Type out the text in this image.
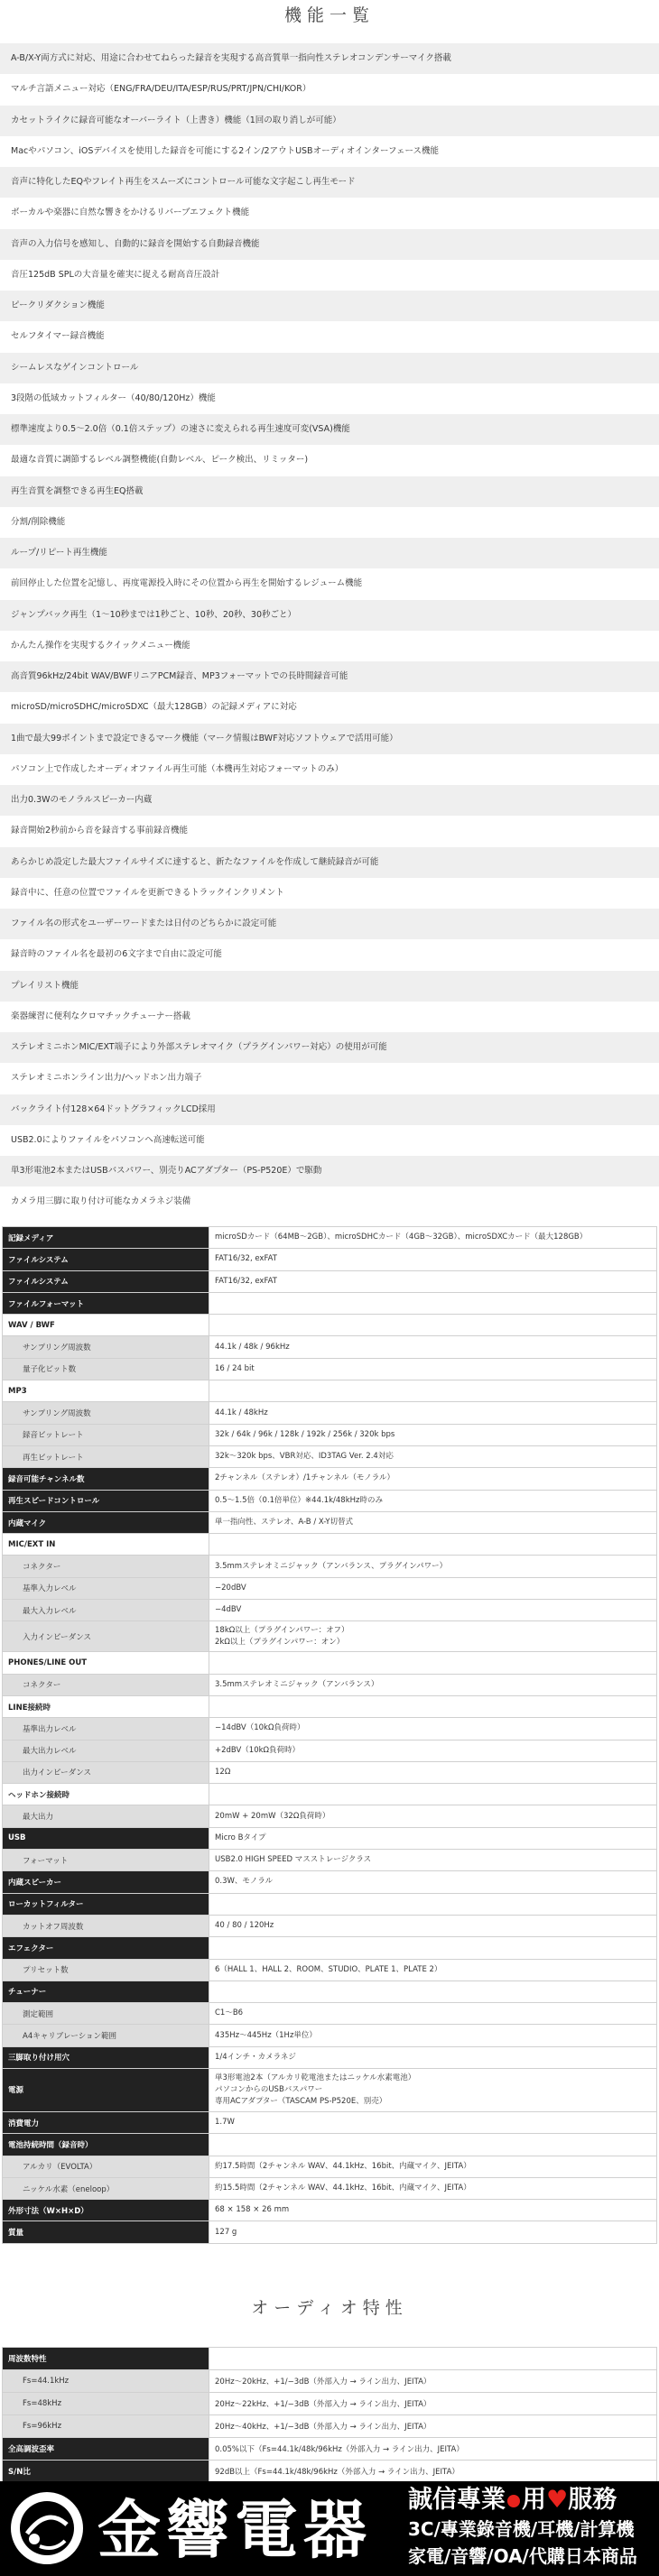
機能一覧
A-B/X-Y両方式に対応、用途に合わせてねらった録音を実現する高音質単一指向性ステレオコンデンサーマイク搭載
マルチ言語メニュー対応（ENG/FRA/DEU/ITA/ESP/RUS/PRT/JPN/CHI/KOR）
カセットライクに録音可能なオーバーライト（上書き）機能（1回の取り消しが可能）
Macやパソコン、iOSデバイスを使用した録音を可能にする2イン/2アウトUSBオーディオインターフェース機能
音声に特化したEQやフレイト再生をスムーズにコントロール可能な文字起こし再生モード
ボーカルや楽器に自然な響きをかけるリバーブエフェクト機能
音声の入力信号を感知し、自動的に録音を開始する自動録音機能
音圧125dB SPLの大音量を確実に捉える耐高音圧設計
ピークリダクション機能
セルフタイマー録音機能
シームレスなゲインコントロール
3段階の低域カットフィルター（40/80/120Hz）機能
標準速度より0.5〜2.0倍（0.1倍ステップ）の速さに変えられる再生速度可変(VSA)機能
最適な音質に調節するレベル調整機能(自動レベル、ピーク検出、リミッター)
再生音質を調整できる再生EQ搭載
分割/削除機能
ループ/リピート再生機能
前回停止した位置を記憶し、再度電源投入時にその位置から再生を開始するレジューム機能
ジャンプバック再生（1〜10秒までは1秒ごと、10秒、20秒、30秒ごと）
かんたん操作を実現するクイックメニュー機能
高音質96kHz/24bit WAV/BWFリニアPCM録音、MP3フォーマットでの長時間録音可能
microSD/microSDHC/microSDXC（最大128GB）の記録メディアに対応
1曲で最大99ポイントまで設定できるマーク機能（マーク情報はBWF対応ソフトウェアで活用可能）
パソコン上で作成したオーディオファイル再生可能（本機再生対応フォーマットのみ）
出力0.3Wのモノラルスピーカー内蔵
録音開始2秒前から音を録音する事前録音機能
あらかじめ設定した最大ファイルサイズに達すると、新たなファイルを作成して継続録音が可能
録音中に、任意の位置でファイルを更新できるトラックインクリメント
ファイル名の形式をユーザーワードまたは日付のどちらかに設定可能
録音時のファイル名を最初の6文字まで自由に設定可能
プレイリスト機能
楽器練習に便利なクロマチックチューナー搭載
ステレオミニホンMIC/EXT端子により外部ステレオマイク（プラグインパワー対応）の使用が可能
ステレオミニホンライン出力/ヘッドホン出力端子
バックライト付128×64ドットグラフィックLCD採用
USB2.0によりファイルをパソコンへ高速転送可能
単3形電池2本またはUSBバスパワー、別売りACアダプター（PS-P520E）で駆動
カメラ用三脚に取り付け可能なカメラネジ装備
記録メディア	microSDカード（64MB〜2GB）、microSDHCカード（4GB〜32GB）、microSDXCカード（最大128GB）
ファイルシステム	FAT16/32, exFAT
ファイルシステム	FAT16/32, exFAT
ファイルフォーマット	
WAV / BWF	
サンプリング周波数	44.1k / 48k / 96kHz
量子化ビット数	16 / 24 bit
MP3	
サンプリング周波数	44.1k / 48kHz
録音ビットレート	32k / 64k / 96k / 128k / 192k / 256k / 320k bps
再生ビットレート	32k〜320k bps、VBR対応、ID3TAG Ver. 2.4対応
録音可能チャンネル数	2チャンネル（ステレオ）/1チャンネル（モノラル）
再生スピードコントロール	0.5〜1.5倍（0.1倍単位）※44.1k/48kHz時のみ
内蔵マイク	単一指向性、ステレオ、A-B / X-Y切替式
MIC/EXT IN	
コネクター	3.5mmステレオミニジャック（アンバランス、プラグインパワー）
基準入力レベル	−20dBV
最大入力レベル	−4dBV
入力インピーダンス	18kΩ以上（プラグインパワー：オフ）
2kΩ以上（プラグインパワー：オン）
PHONES/LINE OUT	
コネクター	3.5mmステレオミニジャック（アンバランス）
LINE接続時	
基準出力レベル	−14dBV（10kΩ負荷時）
最大出力レベル	+2dBV（10kΩ負荷時）
出力インピーダンス	12Ω
ヘッドホン接続時	
最大出力	20mW + 20mW（32Ω負荷時）
USB	Micro Bタイプ
フォーマット	USB2.0 HIGH SPEED マスストレージクラス
内蔵スピーカー	0.3W、モノラル
ローカットフィルター	
カットオフ周波数	40 / 80 / 120Hz
エフェクター	
プリセット数	6（HALL 1、HALL 2、ROOM、STUDIO、PLATE 1、PLATE 2）
チューナー	
測定範囲	C1〜B6
A4キャリブレーション範囲	435Hz〜445Hz（1Hz単位）
三脚取り付け用穴	1/4インチ・カメラネジ
電源	単3形電池2本（アルカリ乾電池またはニッケル水素電池）
パソコンからのUSBバスパワー
専用ACアダプター（TASCAM PS-P520E、別売）
消費電力	1.7W
電池持続時間（録音時）	
アルカリ（EVOLTA）	約17.5時間（2チャンネル WAV、44.1kHz、16bit、内蔵マイク、JEITA）
ニッケル水素（eneloop）	約15.5時間（2チャンネル WAV、44.1kHz、16bit、内蔵マイク、JEITA）
外形寸法（W×H×D）	68 × 158 × 26 mm
質量	127 g
オーディオ特性
周波数特性	
Fs=44.1kHz	20Hz〜20kHz、+1/−3dB（外部入力 → ライン出力、JEITA）
Fs=48kHz	20Hz〜22kHz、+1/−3dB（外部入力 → ライン出力、JEITA）
Fs=96kHz	20Hz〜40kHz、+1/−3dB（外部入力 → ライン出力、JEITA）
全高調波歪率	0.05%以下（Fs=44.1k/48k/96kHz（外部入力 → ライン出力、JEITA）
S/N比	92dB以上（Fs=44.1k/48k/96kHz（外部入力 → ライン出力、JEITA）
金響電器 誠信專業 用♥服務
3C/專業錄音機/耳機/計算機
家電/音響/OA/代購日本商品
